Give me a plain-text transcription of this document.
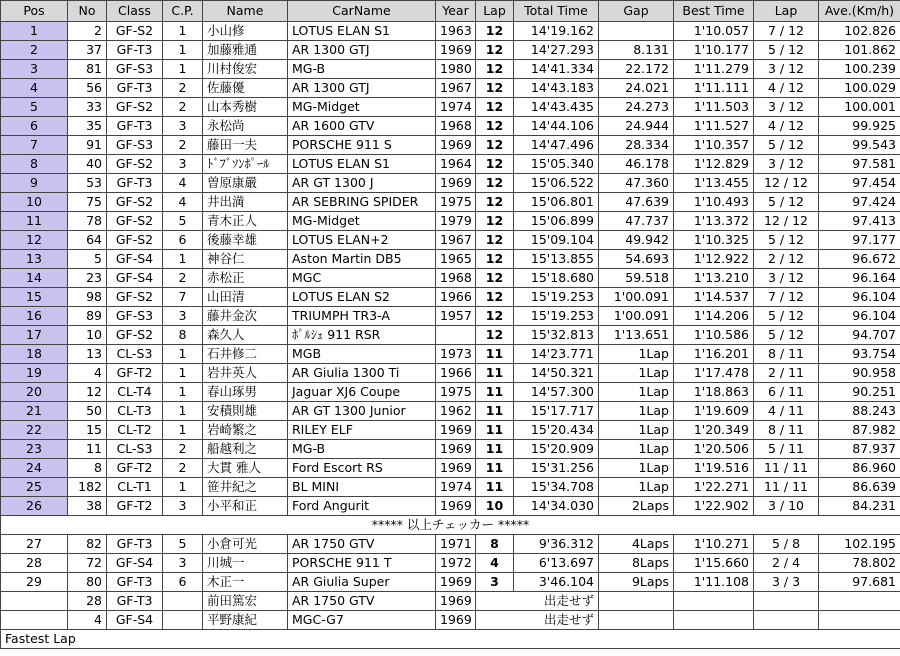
Pos	No	Class	C.P.	Name	CarName	Year	Lap	Total Time	Gap	Best Time	Lap	Ave.(Km/h)
1	2	GF-S2	1	小山修	LOTUS ELAN S1	1963	12	14'19.162		1'10.057	7 / 12	102.826
2	37	GF-T3	1	加藤雅通	AR 1300 GTJ	1969	12	14'27.293	8.131	1'10.177	5 / 12	101.862
3	81	GF-S3	1	川村俊宏	MG-B	1980	12	14'41.334	22.172	1'11.279	3 / 12	100.239
4	56	GF-T3	2	佐藤優	AR 1300 GTJ	1967	12	14'43.183	24.021	1'11.111	4 / 12	100.029
5	33	GF-S2	2	山本秀樹	MG-Midget	1974	12	14'43.435	24.273	1'11.503	3 / 12	100.001
6	35	GF-T3	3	永松尚	AR 1600 GTV	1968	12	14'44.106	24.944	1'11.527	4 / 12	99.925
7	91	GF-S3	2	藤田一夫	PORSCHE 911 S	1969	12	14'47.496	28.334	1'10.357	5 / 12	99.543
8	40	GF-S2	3	ﾄﾞﾌﾞｿﾝﾎﾟｰﾙ	LOTUS ELAN S1	1964	12	15'05.340	46.178	1'12.829	3 / 12	97.581
9	53	GF-T3	4	曽原康嚴	AR GT 1300 J	1969	12	15'06.522	47.360	1'13.455	12 / 12	97.454
10	75	GF-S2	4	井出満	AR SEBRING SPIDER	1975	12	15'06.801	47.639	1'10.493	5 / 12	97.424
11	78	GF-S2	5	青木正人	MG-Midget	1979	12	15'06.899	47.737	1'13.372	12 / 12	97.413
12	64	GF-S2	6	後藤幸雄	LOTUS ELAN+2	1967	12	15'09.104	49.942	1'10.325	5 / 12	97.177
13	5	GF-S4	1	神谷仁	Aston Martin DB5	1965	12	15'13.855	54.693	1'12.922	2 / 12	96.672
14	23	GF-S4	2	赤松正	MGC	1968	12	15'18.680	59.518	1'13.210	3 / 12	96.164
15	98	GF-S2	7	山田清	LOTUS ELAN S2	1966	12	15'19.253	1'00.091	1'14.537	7 / 12	96.104
16	89	GF-S3	3	藤井金次	TRIUMPH TR3-A	1957	12	15'19.253	1'00.091	1'14.206	5 / 12	96.104
17	10	GF-S2	8	森久人	ﾎﾟﾙｼｪ 911 RSR		12	15'32.813	1'13.651	1'10.586	5 / 12	94.707
18	13	CL-S3	1	石井修二	MGB	1973	11	14'23.771	1Lap	1'16.201	8 / 11	93.754
19	4	GF-T2	1	岩井英人	AR Giulia 1300 Ti	1966	11	14'50.321	1Lap	1'17.478	2 / 11	90.958
20	12	CL-T4	1	春山琢男	Jaguar XJ6 Coupe	1975	11	14'57.300	1Lap	1'18.863	6 / 11	90.251
21	50	CL-T3	1	安積則雄	AR GT 1300 Junior	1962	11	15'17.717	1Lap	1'19.609	4 / 11	88.243
22	15	CL-T2	1	岩崎繁之	RILEY ELF	1969	11	15'20.434	1Lap	1'20.349	8 / 11	87.982
23	11	CL-S3	2	船越利之	MG-B	1969	11	15'20.909	1Lap	1'20.506	5 / 11	87.937
24	8	GF-T2	2	大貫 雅人	Ford Escort RS	1969	11	15'31.256	1Lap	1'19.516	11 / 11	86.960
25	182	CL-T1	1	笹井紀之	BL MINI	1974	11	15'34.708	1Lap	1'22.271	11 / 11	86.639
26	38	GF-T2	3	小平和正	Ford Angurit	1969	10	14'34.030	2Laps	1'22.902	3 / 10	84.231
***** 以上チェッカー *****												
27	82	GF-T3	5	小倉可光	AR 1750 GTV	1971	8	9'36.312	4Laps	1'10.271	5 / 8	102.195
28	72	GF-S4	3	川城一	PORSCHE 911 T	1972	4	6'13.697	8Laps	1'15.660	2 / 4	78.802
29	80	GF-T3	6	木正一	AR Giulia Super	1969	3	3'46.104	9Laps	1'11.108	3 / 3	97.681
	28	GF-T3		前田篤宏	AR 1750 GTV	1969	出走せず					
	4	GF-S4		平野康紀	MGC-G7	1969	出走せず					
Fastest Lap												
